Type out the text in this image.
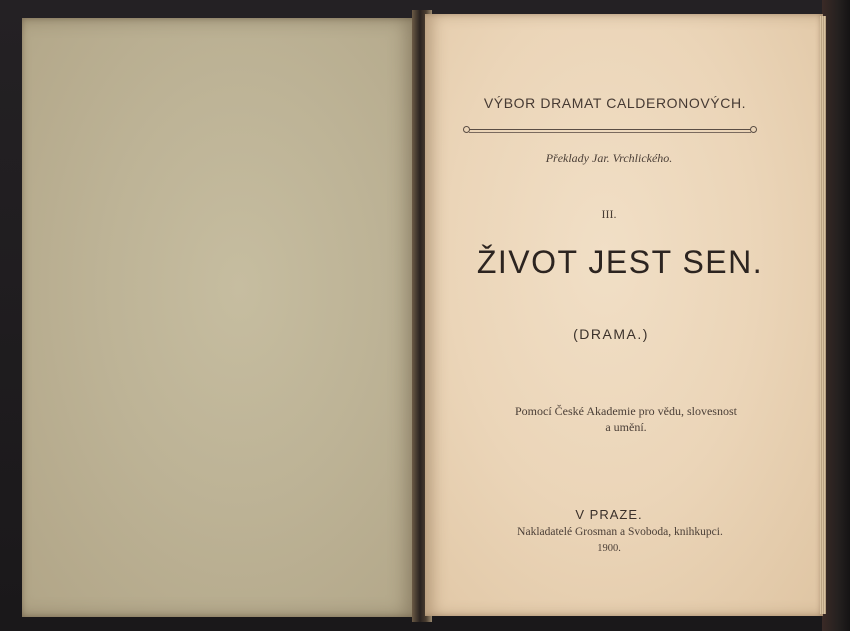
VÝBOR DRAMAT CALDERONOVÝCH.
Překlady Jar. Vrchlického.
III.
ŽIVOT JEST SEN.
(DRAMA.)
Pomocí České Akademie pro vědu, slovesnost
a umění.
V PRAZE.
Nakladatelé Grosman a Svoboda, knihkupci.
1900.
